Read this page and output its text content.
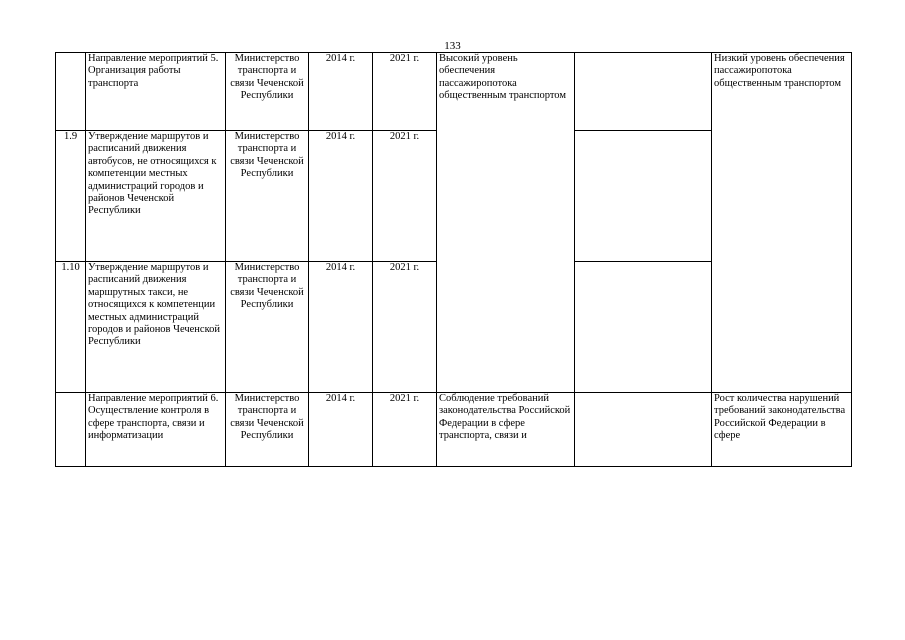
133
	Направление мероприятий 5. Организация работы транспорта	Министерство транспорта и связи Чеченской Республики	2014 г.	2021 г.	Высокий уровень обеспечения пассажиропотока общественным транспортом		Низкий уровень обеспечения пассажиропотока общественным транспортом
1.9	Утверждение маршрутов и расписаний движения автобусов, не относящихся к компетенции местных администраций городов и районов Чеченской Республики	Министерство транспорта и связи Чеченской Республики	2014 г.	2021 г.			
1.10	Утверждение маршрутов и расписаний движения маршрутных такси, не относящихся к компетенции местных администраций городов и районов Чеченской Республики	Министерство транспорта и связи Чеченской Республики	2014 г.	2021 г.			
	Направление мероприятий 6. Осуществление контроля в сфере транспорта, связи и информатизации	Министерство транспорта и связи Чеченской Республики	2014 г.	2021 г.	Соблюдение требований законодательства Российской Федерации в сфере транспорта, связи и		Рост количества нарушений требований законодательства Российской Федерации в сфере
